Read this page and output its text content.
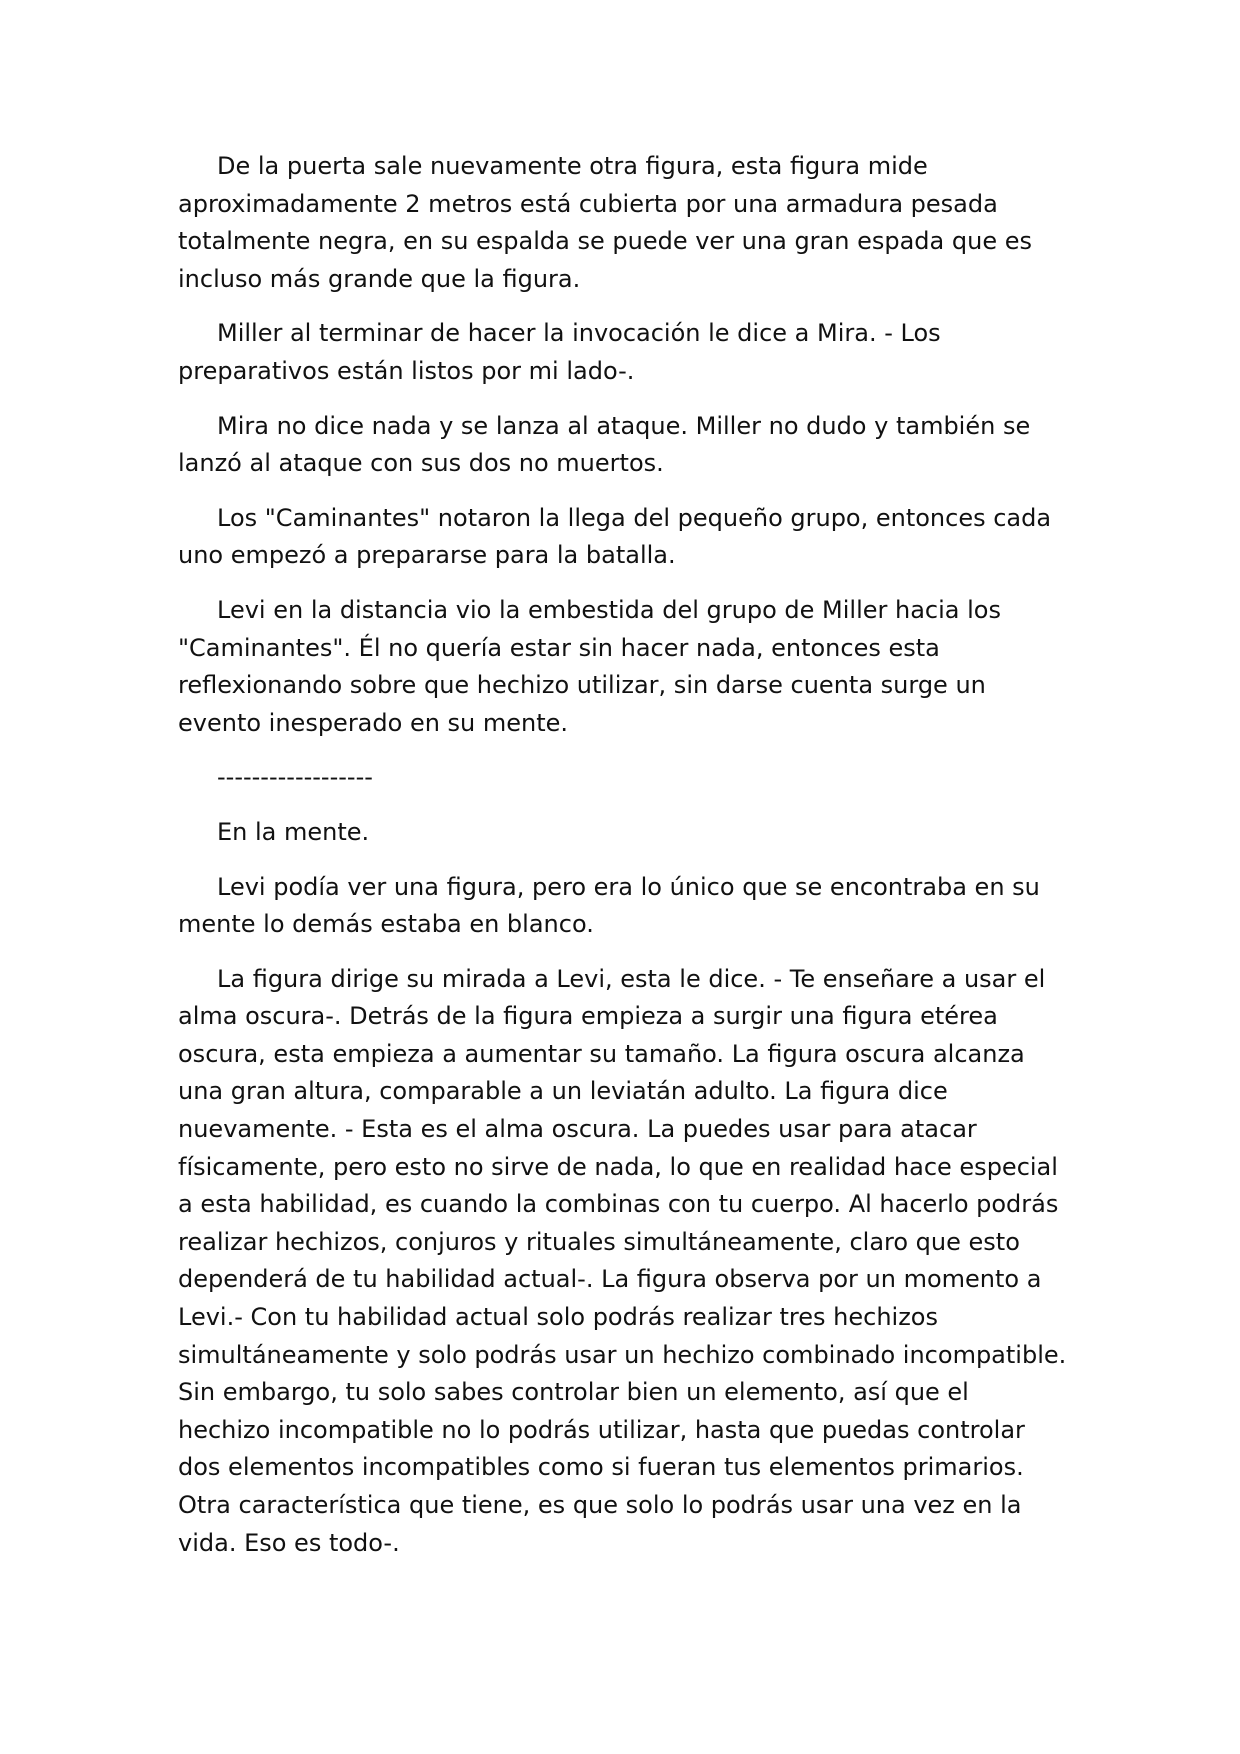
De la puerta sale nuevamente otra figura, esta figura mide aproximadamente 2 metros está cubierta por una armadura pesada totalmente negra, en su espalda se puede ver una gran espada que es incluso más grande que la figura.

Miller al terminar de hacer la invocación le dice a Mira. - Los preparativos están listos por mi lado-.

Mira no dice nada y se lanza al ataque. Miller no dudo y también se lanzó al ataque con sus dos no muertos.

Los "Caminantes" notaron la llega del pequeño grupo, entonces cada uno empezó a prepararse para la batalla.

Levi en la distancia vio la embestida del grupo de Miller hacia los "Caminantes". Él no quería estar sin hacer nada, entonces esta reflexionando sobre que hechizo utilizar, sin darse cuenta surge un evento inesperado en su mente.

------------------

En la mente.

Levi podía ver una figura, pero era lo único que se encontraba en su mente lo demás estaba en blanco.

La figura dirige su mirada a Levi, esta le dice. - Te enseñare a usar el alma oscura-. Detrás de la figura empieza a surgir una figura etérea oscura, esta empieza a aumentar su tamaño. La figura oscura alcanza una gran altura, comparable a un leviatán adulto. La figura dice nuevamente. - Esta es el alma oscura. La puedes usar para atacar físicamente, pero esto no sirve de nada, lo que en realidad hace especial a esta habilidad, es cuando la combinas con tu cuerpo. Al hacerlo podrás realizar hechizos, conjuros y rituales simultáneamente, claro que esto dependerá de tu habilidad actual-. La figura observa por un momento a Levi.- Con tu habilidad actual solo podrás realizar tres hechizos simultáneamente y solo podrás usar un hechizo combinado incompatible. Sin embargo, tu solo sabes controlar bien un elemento, así que el hechizo incompatible no lo podrás utilizar, hasta que puedas controlar dos elementos incompatibles como si fueran tus elementos primarios. Otra característica que tiene, es que solo lo podrás usar una vez en la vida. Eso es todo-.
